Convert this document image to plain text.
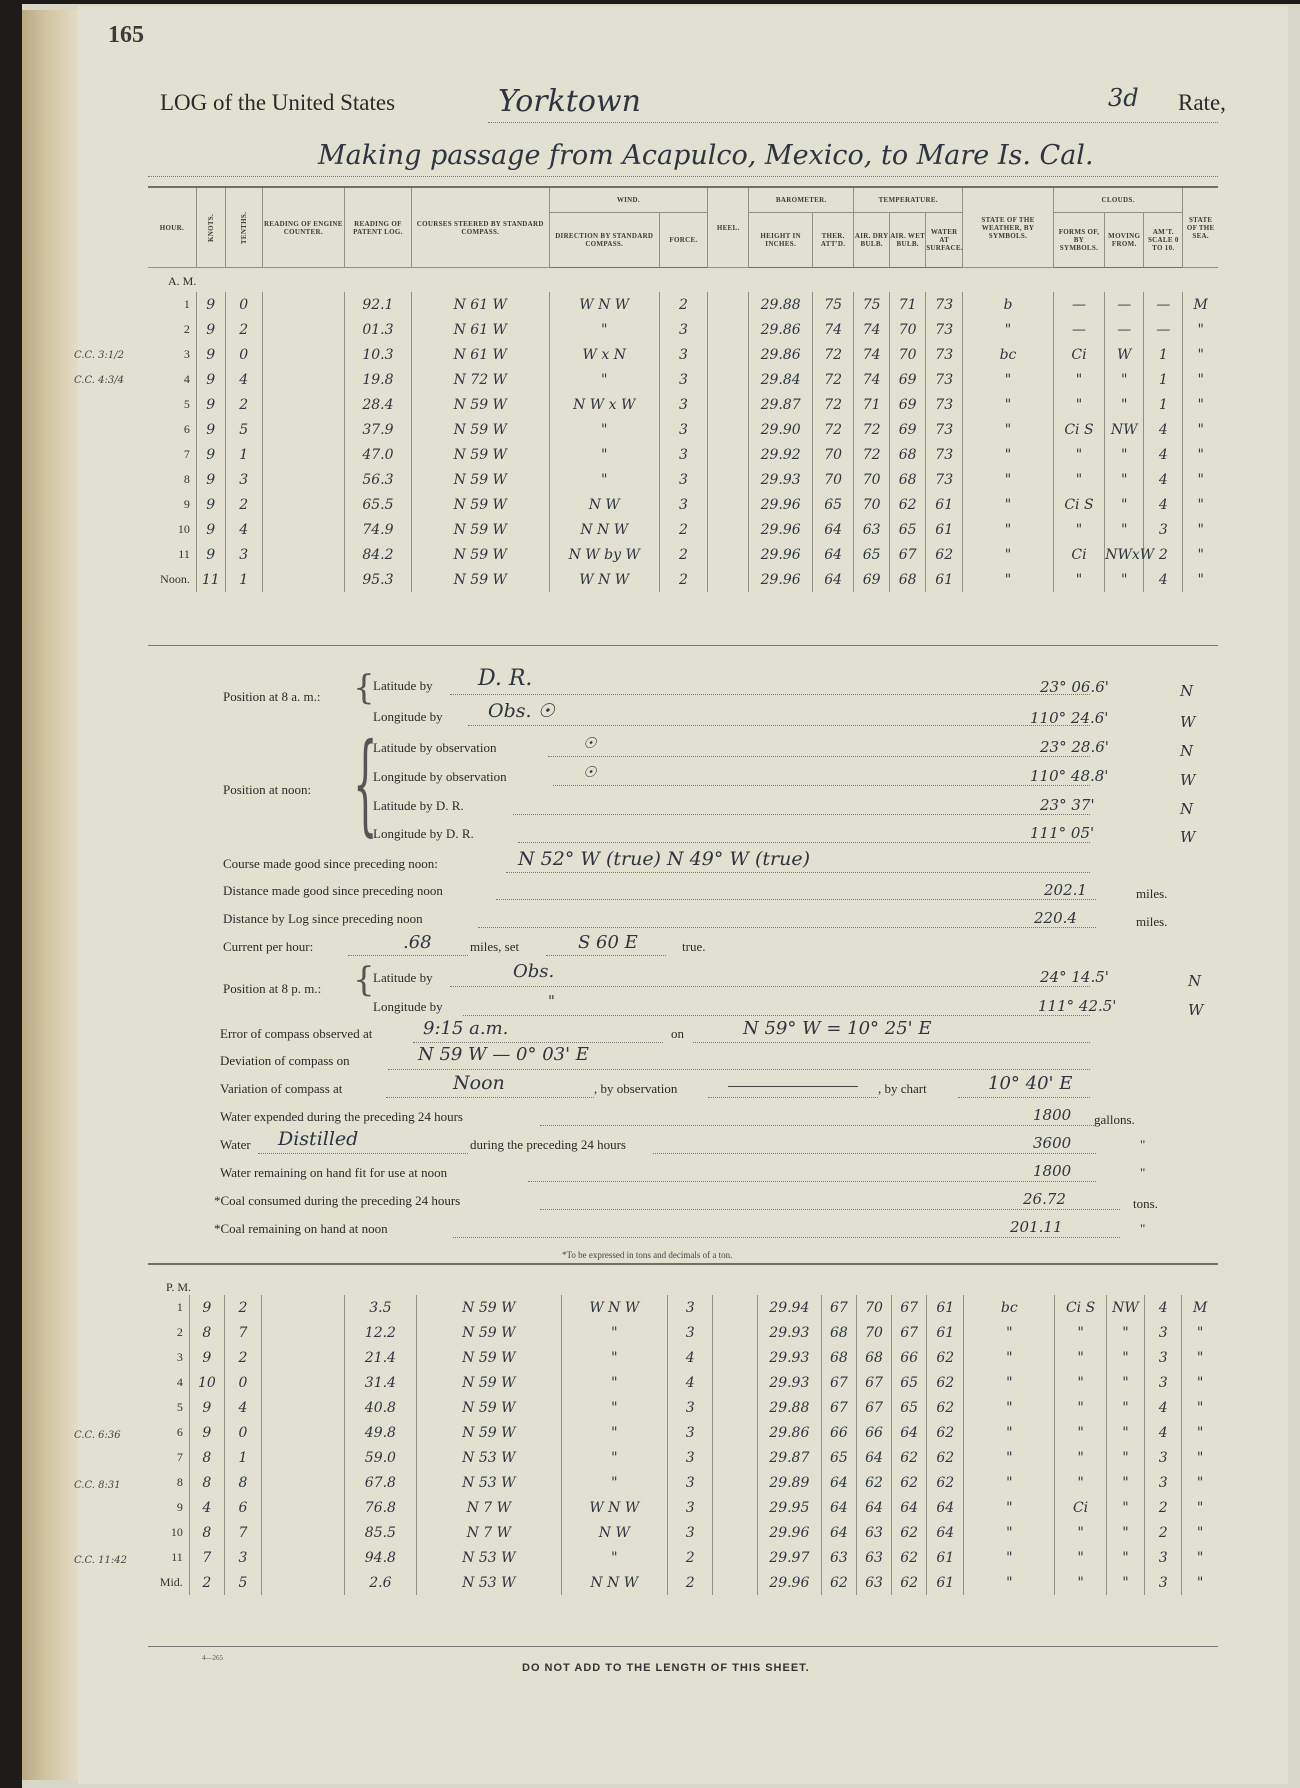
165
LOG of the United States	Yorktown	3d Rate,
Making passage from Acapulco, Mexico, to Mare Is. Cal.
A. M.
HOUR.	KNOTS.	TENTHS.	READING OF ENGINE COUNTER.	READING OF PATENT LOG.	COURSES STEERED BY STANDARD COMPASS.	WIND.		HEEL.	BAROMETER.		TEMPERATURE.			STATE OF THE WEATHER, BY SYMBOLS.	CLOUDS.			STATE OF THE SEA.
						DIRECTION BY STANDARD COMPASS.	FORCE.		HEIGHT IN INCHES.	THER. ATT'D.	AIR. DRY BULB.	AIR. WET BULB.	WATER AT SURFACE.		FORMS OF, BY SYMBOLS.	MOVING FROM.	AM'T. SCALE 0 TO 10.	

1	9	0		92.1	N 61 W	W N W	2		29.88	75	75	71	73	b	—	—	—	M
2	9	2		01.3	N 61 W	"	3		29.86	74	74	70	73	"	—	—	—	"
3	9	0		10.3	N 61 W	W x N	3		29.86	72	74	70	73	bc	Ci	W	1	"
4	9	4		19.8	N 72 W	"	3		29.84	72	74	69	73	"	"	"	1	"
5	9	2		28.4	N 59 W	N W x W	3		29.87	72	71	69	73	"	"	"	1	"
6	9	5		37.9	N 59 W	"	3		29.90	72	72	69	73	"	Ci S	NW	4	"
7	9	1		47.0	N 59 W	"	3		29.92	70	72	68	73	"	"	"	4	"
8	9	3		56.3	N 59 W	"	3		29.93	70	70	68	73	"	"	"	4	"
9	9	2		65.5	N 59 W	N W	3		29.96	65	70	62	61	"	Ci S	"	4	"
10	9	4		74.9	N 59 W	N N W	2		29.96	64	63	65	61	"	"	"	3	"
11	9	3		84.2	N 59 W	N W by W	2		29.96	64	65	67	62	"	Ci	NWxW	2	"
Noon.	11	1		95.3	N 59 W	W N W	2		29.96	64	69	68	61	"	"	"	4	"
C.C. 3:1/2
C.C. 4:3/4
Position at 8 a. m.: {
Latitude by D. R.	23° 06.6'	N
Longitude by Obs. ☉	110° 24.6'	W
Position at noon: {
Latitude by observation	☉	23° 28.6'	N
Longitude by observation	☉	110° 48.8'	W
Latitude by D. R.	23° 37'	N
Longitude by D. R.	111° 05'	W
Course made good since preceding noon:	N 52° W (true) N 49° W (true)
Distance made good since preceding noon	202.1	miles.
Distance by Log since preceding noon	220.4	miles.
Current per hour:	.68	miles, set	S 60 E	true.
Position at 8 p. m.: {
Latitude by	Obs.	24° 14.5'	N
Longitude by	"	111° 42.5'	W
Error of compass observed at	9:15 a.m.	on	N 59° W = 10° 25' E
Deviation of compass on	N 59 W — 0° 03' E
Variation of compass at	Noon	, by observation	, by chart	10° 40' E
Water expended during the preceding 24 hours	1800 gallons.
Water Distilled	during the preceding 24 hours	3600	"
Water remaining on hand fit for use at noon	1800	"
*Coal consumed during the preceding 24 hours	26.72	tons.
*Coal remaining on hand at noon	201.11	"
*To be expressed in tons and decimals of a ton.
P. M.

1	9	2		3.5	N 59 W	W N W	3		29.94	67	70	67	61	bc	Ci S	NW	4	M
2	8	7		12.2	N 59 W	"	3		29.93	68	70	67	61	"	"	"	3	"
3	9	2		21.4	N 59 W	"	4		29.93	68	68	66	62	"	"	"	3	"
4	10	0		31.4	N 59 W	"	4		29.93	67	67	65	62	"	"	"	3	"
5	9	4		40.8	N 59 W	"	3		29.88	67	67	65	62	"	"	"	4	"
6	9	0		49.8	N 59 W	"	3		29.86	66	66	64	62	"	"	"	4	"
7	8	1		59.0	N 53 W	"	3		29.87	65	64	62	62	"	"	"	3	"
8	8	8		67.8	N 53 W	"	3		29.89	64	62	62	62	"	"	"	3	"
9	4	6		76.8	N 7 W	W N W	3		29.95	64	64	64	64	"	Ci	"	2	"
10	8	7		85.5	N 7 W	N W	3		29.96	64	63	62	64	"	"	"	2	"
11	7	3		94.8	N 53 W	"	2		29.97	63	63	62	61	"	"	"	3	"
Mid.	2	5		2.6	N 53 W	N N W	2		29.96	62	63	62	61	"	"	"	3	"
C.C. 6:36
C.C. 8:31
C.C. 11:42
4—265
DO NOT ADD TO THE LENGTH OF THIS SHEET.
